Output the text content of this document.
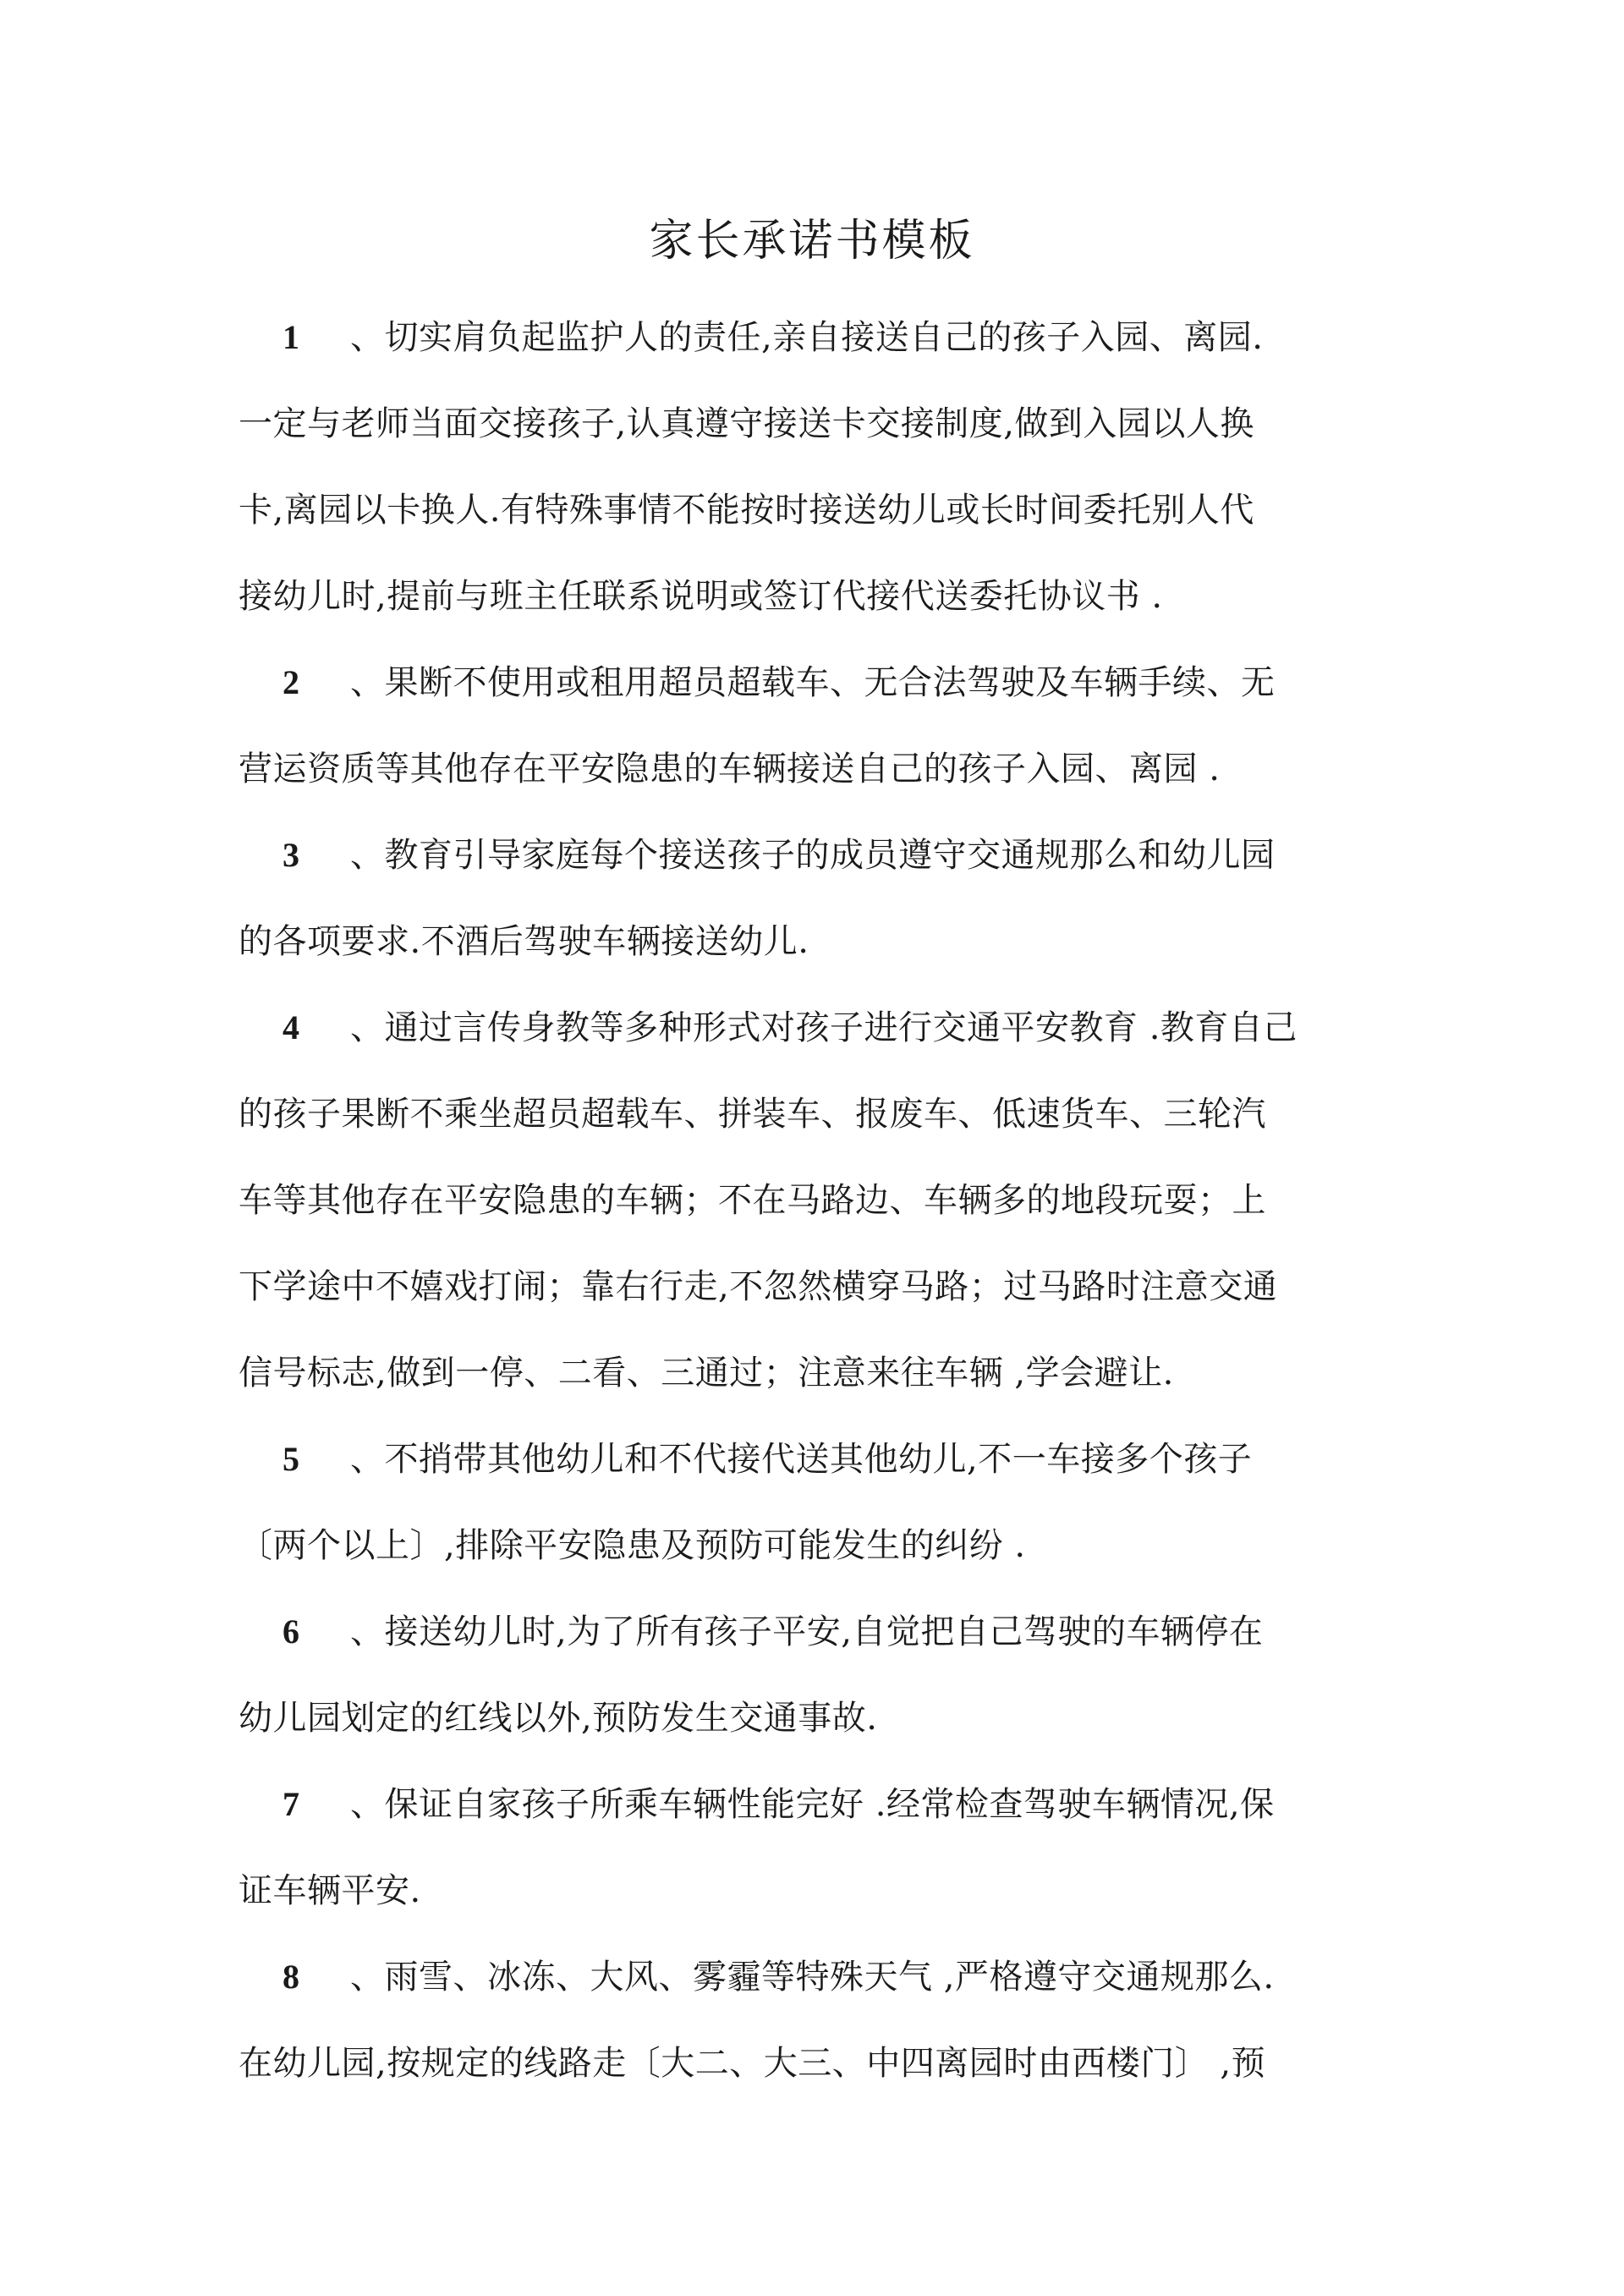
家长承诺书模板
1 、切实肩负起监护人的责任,亲自接送自己的孩子入园、离园.
一定与老师当面交接孩子,认真遵守接送卡交接制度,做到入园以人换
卡,离园以卡换人.有特殊事情不能按时接送幼儿或长时间委托别人代
接幼儿时,提前与班主任联系说明或签订代接代送委托协议书 .
2 、果断不使用或租用超员超载车、无合法驾驶及车辆手续、无
营运资质等其他存在平安隐患的车辆接送自己的孩子入园、离园 .
3 、教育引导家庭每个接送孩子的成员遵守交通规那么和幼儿园
的各项要求.不酒后驾驶车辆接送幼儿.
4 、通过言传身教等多种形式对孩子进行交通平安教育 .教育自己
的孩子果断不乘坐超员超载车、拼装车、报废车、低速货车、三轮汽
车等其他存在平安隐患的车辆；不在马路边、车辆多的地段玩耍；上
下学途中不嬉戏打闹；靠右行走,不忽然横穿马路；过马路时注意交通
信号标志,做到一停、二看、三通过；注意来往车辆 ,学会避让.
5 、不捎带其他幼儿和不代接代送其他幼儿,不一车接多个孩子
〔两个以上〕,排除平安隐患及预防可能发生的纠纷 .
6 、接送幼儿时,为了所有孩子平安,自觉把自己驾驶的车辆停在
幼儿园划定的红线以外,预防发生交通事故.
7 、保证自家孩子所乘车辆性能完好 .经常检查驾驶车辆情况,保
证车辆平安.
8 、雨雪、冰冻、大风、雾霾等特殊天气 ,严格遵守交通规那么.
在幼儿园,按规定的线路走〔大二、大三、中四离园时由西楼门〕 ,预
